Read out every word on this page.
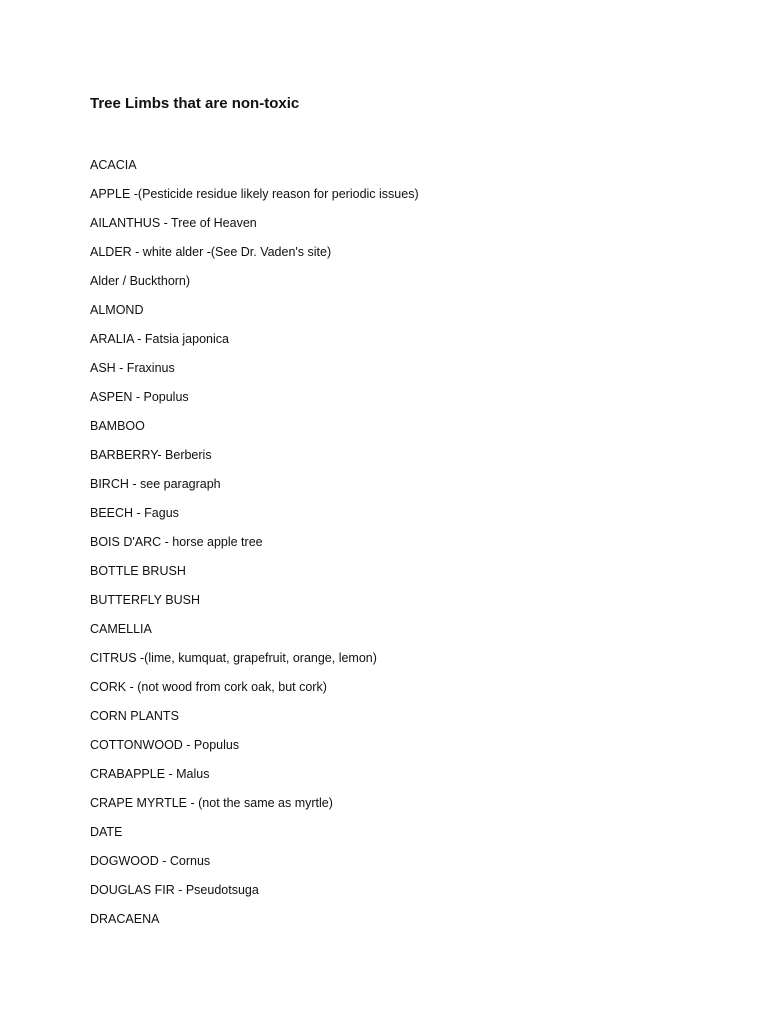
Tree Limbs that are non-toxic
ACACIA
APPLE -(Pesticide residue likely reason for periodic issues)
AILANTHUS - Tree of Heaven
ALDER - white alder -(See Dr. Vaden's site)
Alder / Buckthorn)
ALMOND
ARALIA - Fatsia japonica
ASH - Fraxinus
ASPEN - Populus
BAMBOO
BARBERRY- Berberis
BIRCH - see paragraph
BEECH - Fagus
BOIS D'ARC - horse apple tree
BOTTLE BRUSH
BUTTERFLY BUSH
CAMELLIA
CITRUS -(lime, kumquat, grapefruit, orange, lemon)
CORK - (not wood from cork oak, but cork)
CORN PLANTS
COTTONWOOD - Populus
CRABAPPLE - Malus
CRAPE MYRTLE - (not the same as myrtle)
DATE
DOGWOOD - Cornus
DOUGLAS FIR - Pseudotsuga
DRACAENA
